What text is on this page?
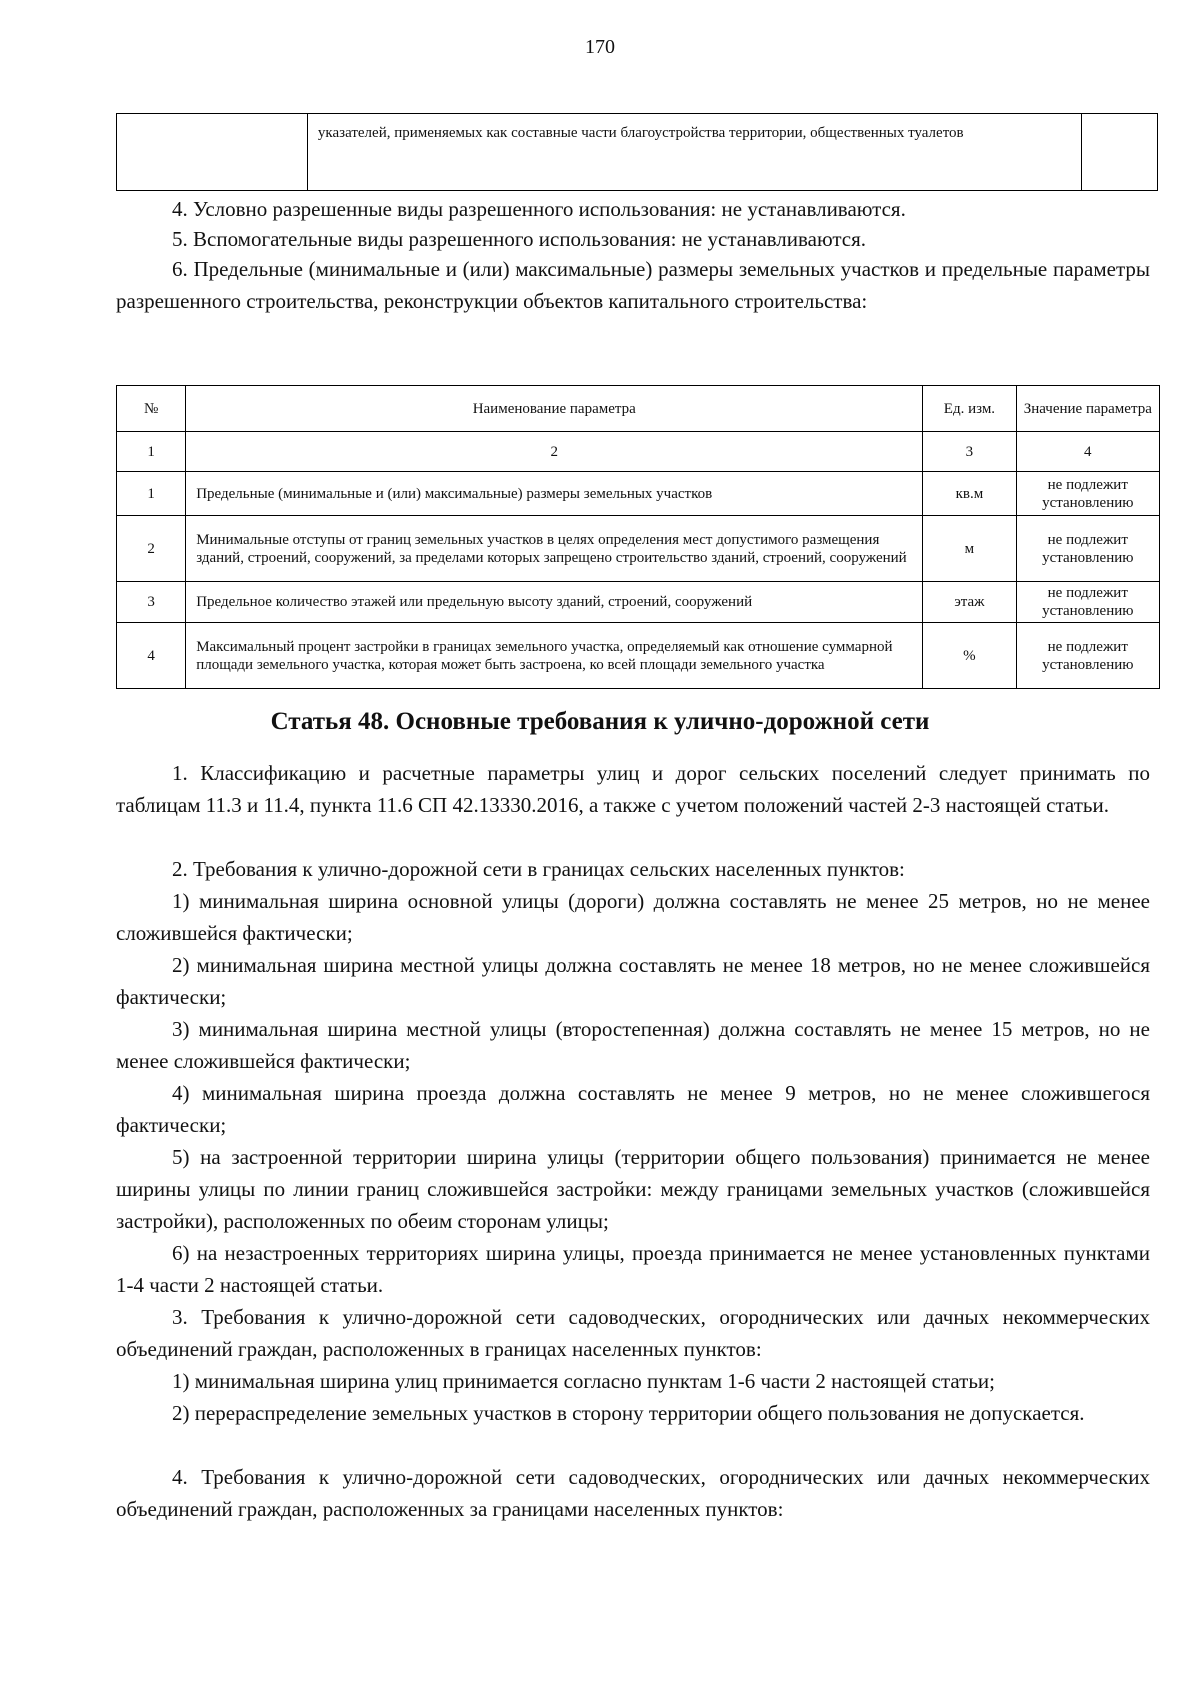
170
	указателей, применяемых как составные части благоустройства территории, общественных туалетов	

4. Условно разрешенные виды разрешенного использования: не устанавливаются.

5. Вспомогательные виды разрешенного использования: не устанавливаются.

6. Предельные (минимальные и (или) максимальные) размеры земельных участков и предельные параметры разрешенного строительства, реконструкции объектов капитального строительства:

№	Наименование параметра	Ед. изм.	Значение параметра
1	2	3	4
1	Предельные (минимальные и (или) максимальные) размеры земельных участков	кв.м	не подлежит установлению
2	Минимальные отступы от границ земельных участков в целях определения мест допустимого размещения зданий, строений, сооружений, за пределами которых запрещено строительство зданий, строений, сооружений	м	не подлежит установлению
3	Предельное количество этажей или предельную высоту зданий, строений, сооружений	этаж	не подлежит установлению
4	Максимальный процент застройки в границах земельного участка, определяемый как отношение суммарной площади земельного участка, которая может быть застроена, ко всей площади земельного участка	%	не подлежит установлению
Статья 48. Основные требования к улично-дорожной сети

1. Классификацию и расчетные параметры улиц и дорог сельских поселений следует принимать по таблицам 11.3 и 11.4, пункта 11.6 СП 42.13330.2016, а также с учетом положений частей 2-3 настоящей статьи.

2. Требования к улично-дорожной сети в границах сельских населенных пунктов:

1) минимальная ширина основной улицы (дороги) должна составлять не менее 25 метров, но не менее сложившейся фактически;

2) минимальная ширина местной улицы должна составлять не менее 18 метров, но не менее сложившейся фактически;

3) минимальная ширина местной улицы (второстепенная) должна составлять не менее 15 метров, но не менее сложившейся фактически;

4) минимальная ширина проезда должна составлять не менее 9 метров, но не менее сложившегося фактически;

5) на застроенной территории ширина улицы (территории общего пользования) принимается не менее ширины улицы по линии границ сложившейся застройки: между границами земельных участков (сложившейся застройки), расположенных по обеим сторонам улицы;

6) на незастроенных территориях ширина улицы, проезда принимается не менее установленных пунктами 1-4 части 2 настоящей статьи.

3. Требования к улично-дорожной сети садоводческих, огороднических или дачных некоммерческих объединений граждан, расположенных в границах населенных пунктов:

1) минимальная ширина улиц принимается согласно пунктам 1-6 части 2 настоящей статьи;

2) перераспределение земельных участков в сторону территории общего пользования не допускается.

4. Требования к улично-дорожной сети садоводческих, огороднических или дачных некоммерческих объединений граждан, расположенных за границами населенных пунктов:
